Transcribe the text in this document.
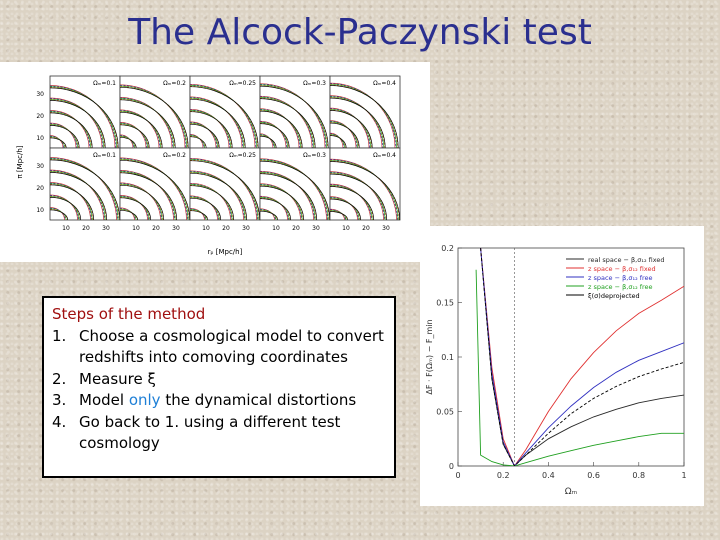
The Alcock-Paczynski test
Ωₘ=0.1	Ωₘ=0.2	Ωₘ=0.25	Ωₘ=0.3	Ωₘ=0.4
Ωₘ=0.1	Ωₘ=0.2	Ωₘ=0.25	Ωₘ=0.3	Ωₘ=0.4
30
20
10
30
20
10
10 20 30	10 20 30	10 20 30	10 20 30	10 20 30
π [Mpc/h]
rₚ [Mpc/h]
Steps of the method
1. Choose a cosmological model to convert redshifts into comoving coordinates
2. Measure ξ
3. Model only the dynamical distortions
4. Go back to 1. using a different test cosmology
0	0.2	0.4	0.6	0.8	1
0
0.05
0.1
0.15
0.2
Ωₘ
ΔF · F(Ωₘ) − F_min
real space − β,σ₁₂ fixed
z space − β,σ₁₂ fixed
z space − β,σ₁₂ free
z space − β,σ₁₂ free
ξ(σ)deprojected
